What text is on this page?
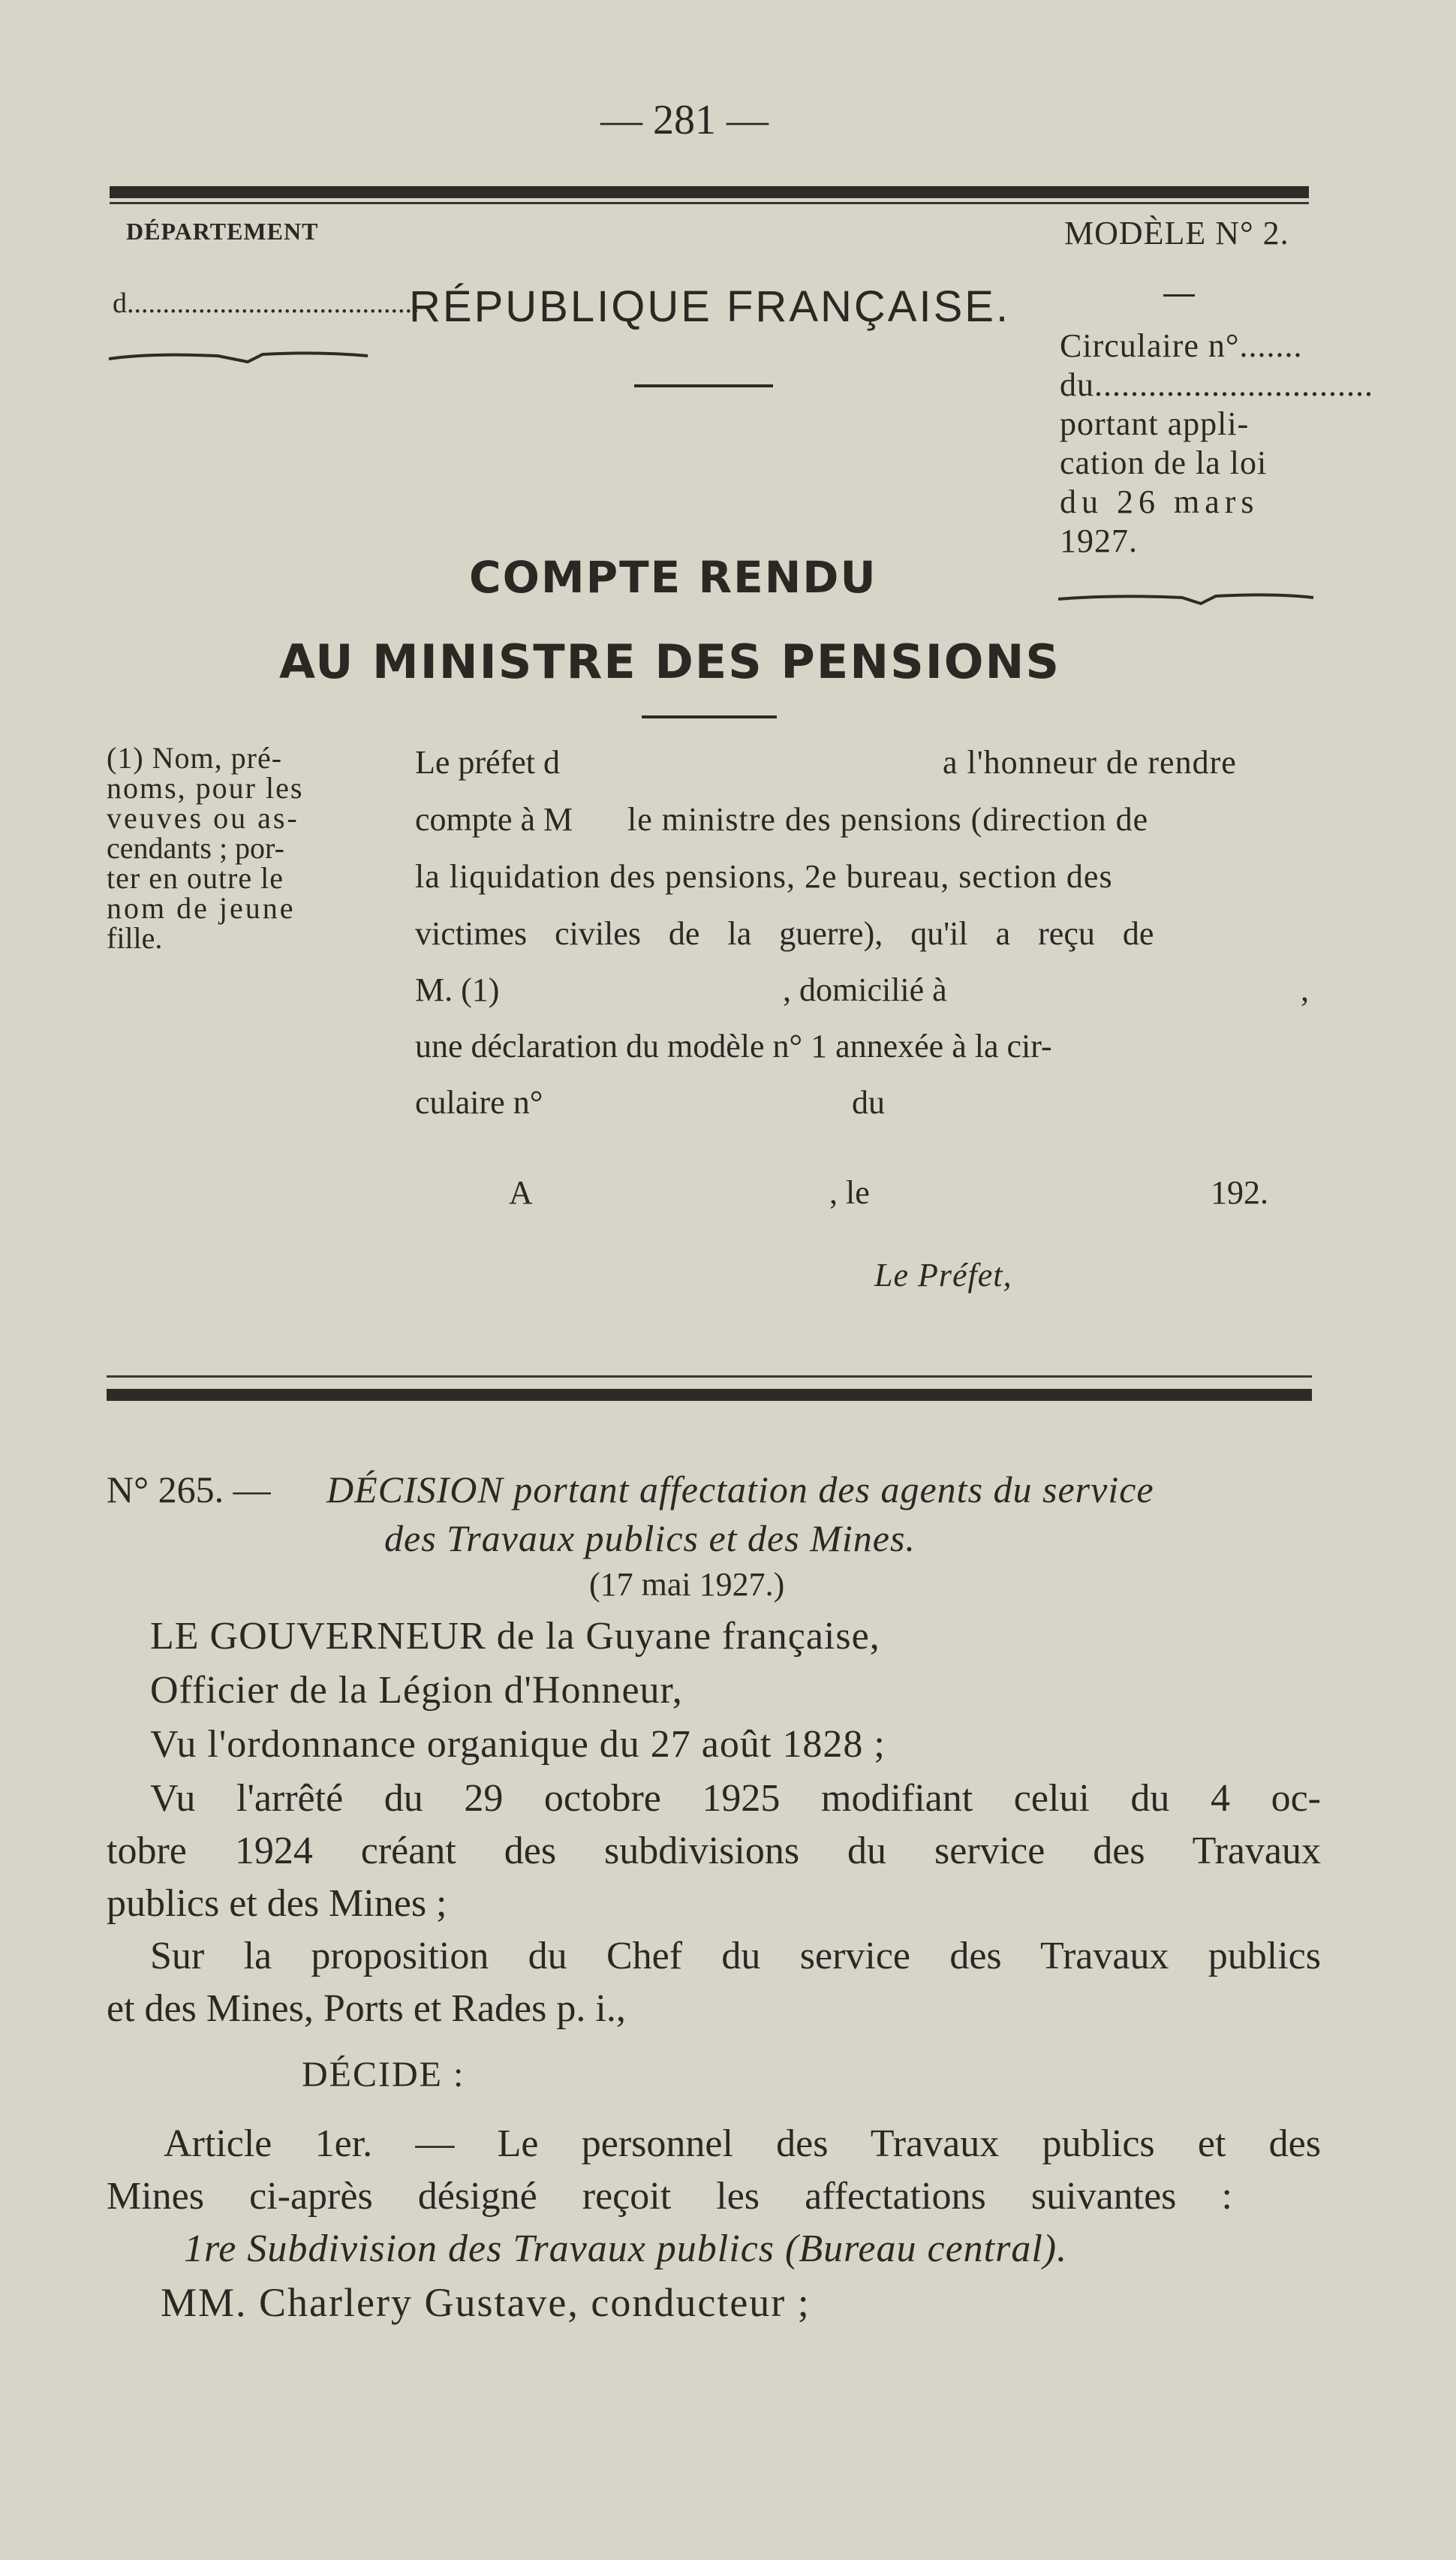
— 281 —
DÉPARTEMENT
d.........................................
RÉPUBLIQUE FRANÇAISE.
MODÈLE N° 2.
Circulaire n°.......
du...............................
portant appli-
cation de la loi
du 26 mars
1927.
COMPTE RENDU
AU MINISTRE DES PENSIONS
(1) Nom, pré-
noms, pour les
veuves ou as-
cendants ; por-
ter en outre le
nom de jeune
fille.
Le préfet d	a l'honneur de rendre
compte à M le ministre des pensions (direction de
la liquidation des pensions, 2e bureau, section des
victimes civiles de la guerre), qu'il a reçu de
M. (1)	, domicilié à	,
une déclaration du modèle n° 1 annexée à la cir-
culaire n°	du
A	, le	192.
Le Préfet,
N° 265. — DÉCISION portant affectation des agents du service
des Travaux publics et des Mines.
(17 mai 1927.)
LE GOUVERNEUR de la Guyane française,
Officier de la Légion d'Honneur,
Vu l'ordonnance organique du 27 août 1828 ;
Vu l'arrêté du 29 octobre 1925 modifiant celui du 4 oc-
tobre 1924 créant des subdivisions du service des Travaux
publics et des Mines ;
Sur la proposition du Chef du service des Travaux publics
et des Mines, Ports et Rades p. i.,
DÉCIDE :
Article 1er. — Le personnel des Travaux publics et des
Mines ci-après désigné reçoit les affectations suivantes :
1re Subdivision des Travaux publics (Bureau central).
MM. Charlery Gustave, conducteur ;
